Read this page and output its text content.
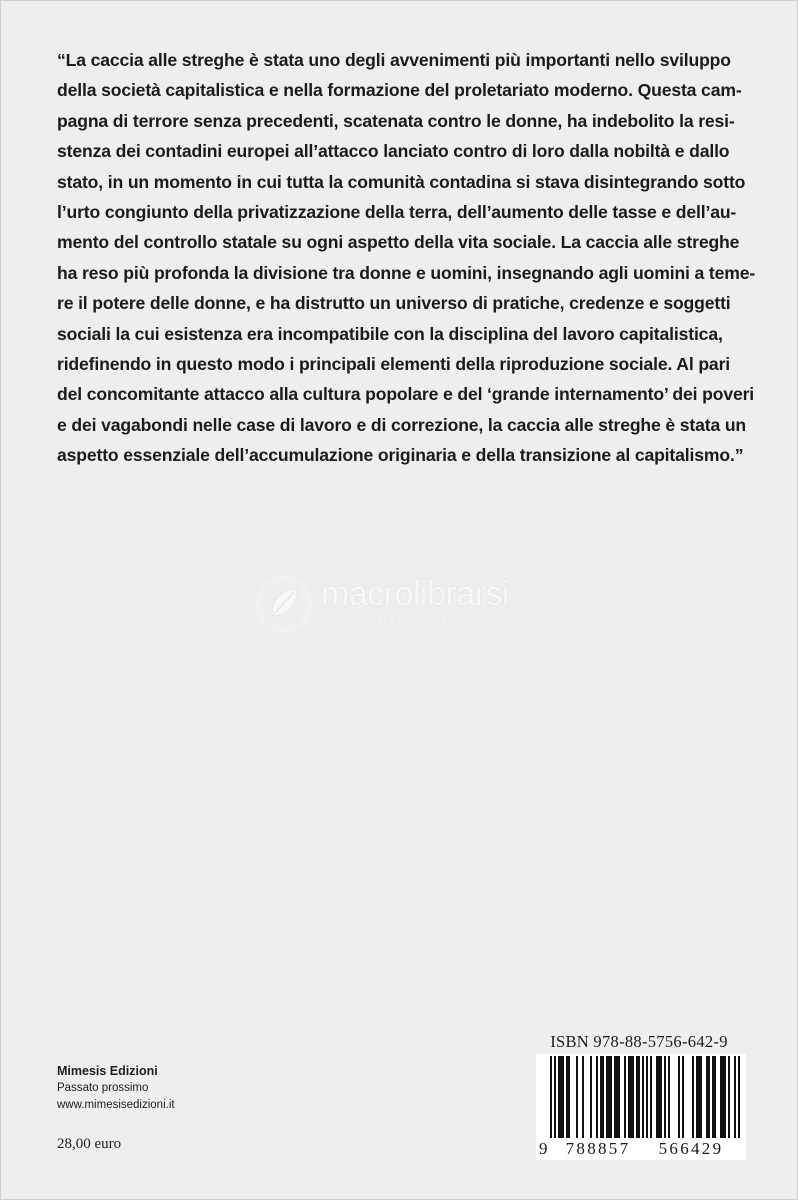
“La caccia alle streghe è stata uno degli avvenimenti più importanti nello sviluppo
della società capitalistica e nella formazione del proletariato moderno. Questa cam-
pagna di terrore senza precedenti, scatenata contro le donne, ha indebolito la resi-
stenza dei contadini europei all’attacco lanciato contro di loro dalla nobiltà e dallo
stato, in un momento in cui tutta la comunità contadina si stava disintegrando sotto
l’urto congiunto della privatizzazione della terra, dell’aumento delle tasse e dell’au-
mento del controllo statale su ogni aspetto della vita sociale. La caccia alle streghe
ha reso più profonda la divisione tra donne e uomini, insegnando agli uomini a teme-
re il potere delle donne, e ha distrutto un universo di pratiche, credenze e soggetti
sociali la cui esistenza era incompatibile con la disciplina del lavoro capitalistica,
ridefinendo in questo modo i principali elementi della riproduzione sociale. Al pari
del concomitante attacco alla cultura popolare e del ‘grande internamento’ dei poveri
e dei vagabondi nelle case di lavoro e di correzione, la caccia alle streghe è stata un
aspetto essenziale dell’accumulazione originaria e della transizione al capitalismo.”

macrolibrarsi
ALTERNATIVA NATURALE
Mimesis Edizioni
Passato prossimo
www.mimesisedizioni.it
28,00 euro
ISBN 978-88-5756-642-9
9	788857	566429
